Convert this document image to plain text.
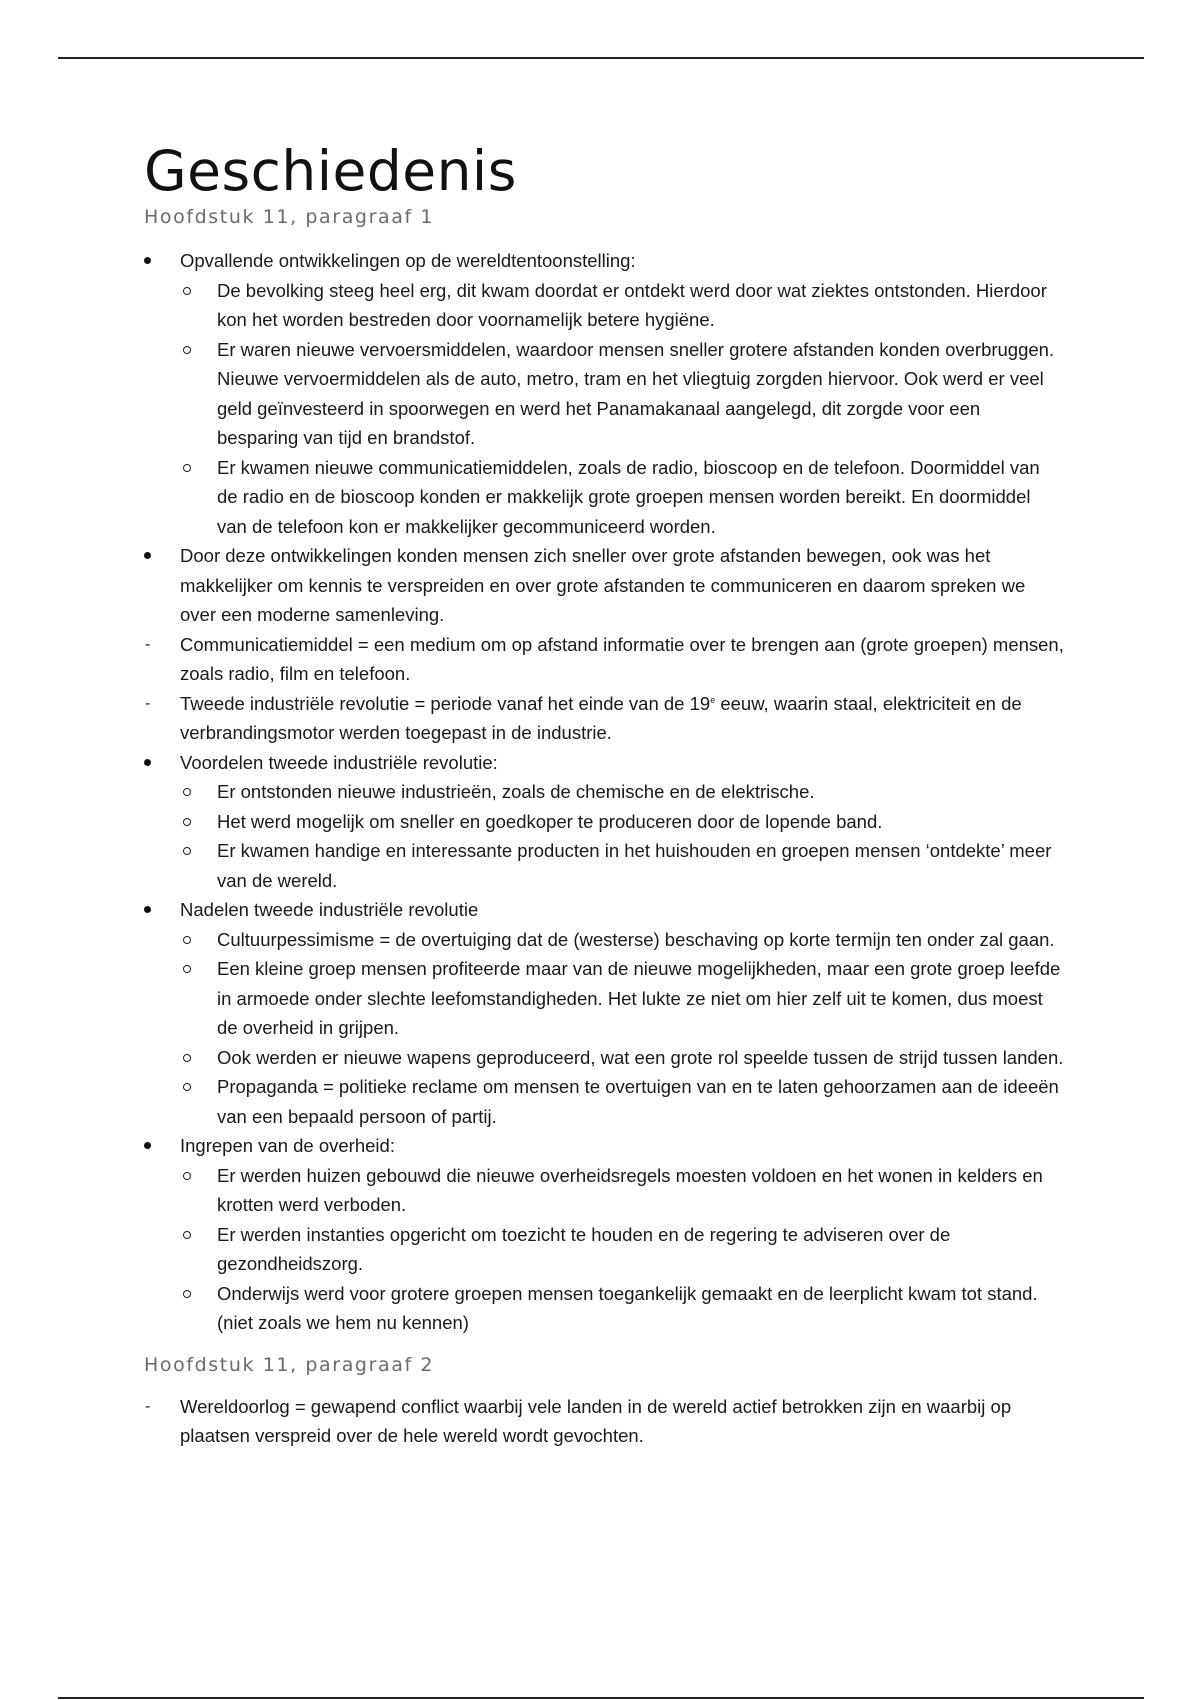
Geschiedenis

Hoofdstuk 11, paragraaf 1

Opvallende ontwikkelingen op de wereldtentoonstelling:
De bevolking steeg heel erg, dit kwam doordat er ontdekt werd door wat ziektes ontstonden. Hierdoor kon het worden bestreden door voornamelijk betere hygiëne.
Er waren nieuwe vervoersmiddelen, waardoor mensen sneller grotere afstanden konden overbruggen. Nieuwe vervoermiddelen als de auto, metro, tram en het vliegtuig zorgden hiervoor. Ook werd er veel geld geïnvesteerd in spoorwegen en werd het Panamakanaal aangelegd, dit zorgde voor een besparing van tijd en brandstof.
Er kwamen nieuwe communicatiemiddelen, zoals de radio, bioscoop en de telefoon. Doormiddel van de radio en de bioscoop konden er makkelijk grote groepen mensen worden bereikt. En doormiddel van de telefoon kon er makkelijker gecommuniceerd worden.
Door deze ontwikkelingen konden mensen zich sneller over grote afstanden bewegen, ook was het makkelijker om kennis te verspreiden en over grote afstanden te communiceren en daarom spreken we over een moderne samenleving.
Communicatiemiddel = een medium om op afstand informatie over te brengen aan (grote groepen) mensen, zoals radio, film en telefoon.
Tweede industriële revolutie = periode vanaf het einde van de 19e eeuw, waarin staal, elektriciteit en de verbrandingsmotor werden toegepast in de industrie.
Voordelen tweede industriële revolutie:
Er ontstonden nieuwe industrieën, zoals de chemische en de elektrische.
Het werd mogelijk om sneller en goedkoper te produceren door de lopende band.
Er kwamen handige en interessante producten in het huishouden en groepen mensen ‘ontdekte’ meer van de wereld.
Nadelen tweede industriële revolutie
Cultuurpessimisme = de overtuiging dat de (westerse) beschaving op korte termijn ten onder zal gaan.
Een kleine groep mensen profiteerde maar van de nieuwe mogelijkheden, maar een grote groep leefde in armoede onder slechte leefomstandigheden. Het lukte ze niet om hier zelf uit te komen, dus moest de overheid in grijpen.
Ook werden er nieuwe wapens geproduceerd, wat een grote rol speelde tussen de strijd tussen landen.
Propaganda = politieke reclame om mensen te overtuigen van en te laten gehoorzamen aan de ideeën van een bepaald persoon of partij.
Ingrepen van de overheid:
Er werden huizen gebouwd die nieuwe overheidsregels moesten voldoen en het wonen in kelders en krotten werd verboden.
Er werden instanties opgericht om toezicht te houden en de regering te adviseren over de gezondheidszorg.
Onderwijs werd voor grotere groepen mensen toegankelijk gemaakt en de leerplicht kwam tot stand. (niet zoals we hem nu kennen)

Hoofdstuk 11, paragraaf 2

Wereldoorlog = gewapend conflict waarbij vele landen in de wereld actief betrokken zijn en waarbij op plaatsen verspreid over de hele wereld wordt gevochten.
